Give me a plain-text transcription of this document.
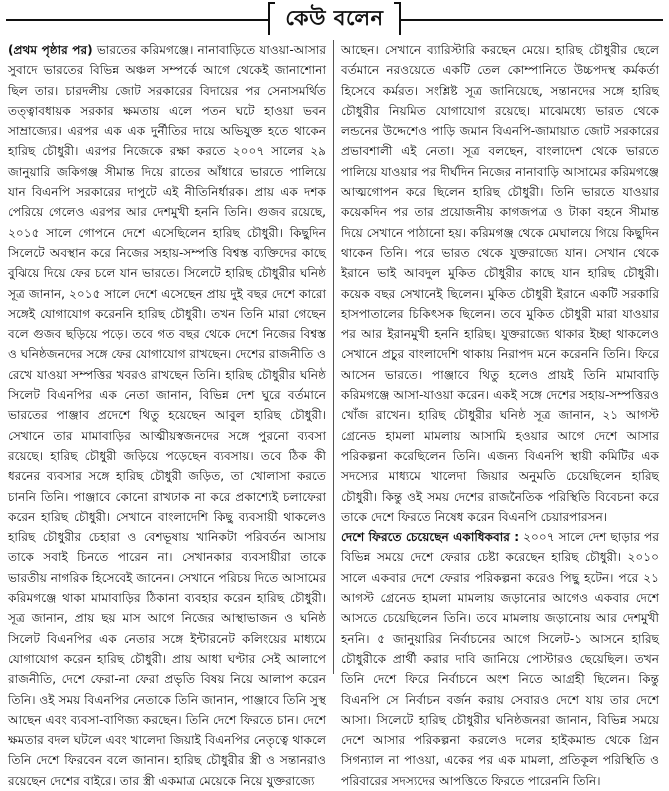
কেউ বলেন

(প্রথম পৃষ্ঠার পর) ভারতের করিমগঞ্জে। নানাবাড়িতে যাওয়া-আসার সুবাদে ভারতের বিভিন্ন অঞ্চল সম্পর্কে আগে থেকেই জানাশোনা ছিল তার। চারদলীয় জোট সরকারের বিদায়ের পর সেনাসমর্থিত তত্ত্বাবধায়ক সরকার ক্ষমতায় এলে পতন ঘটে হাওয়া ভবন সাম্রাজ্যের। এরপর এক এক দুর্নীতির দায়ে অভিযুক্ত হতে থাকেন হারিছ চৌধুরী। এরপর নিজেকে রক্ষা করতে ২০০৭ সালের ২৯ জানুয়ারি জকিগঞ্জ সীমান্ত দিয়ে রাতের আঁধারে ভারতে পালিয়ে যান বিএনপি সরকারের দাপুটে এই নীতিনির্ধারক। প্রায় এক দশক পেরিয়ে গেলেও এরপর আর দেশমুখী হননি তিনি। গুজব রয়েছে, ২০১৫ সালে গোপনে দেশে এসেছিলেন হারিছ চৌধুরী। কিছুদিন সিলেটে অবস্থান করে নিজের সহায়-সম্পত্তি বিশ্বস্ত ব্যক্তিদের কাছে বুঝিয়ে দিয়ে ফের চলে যান ভারতে। সিলেটে হারিছ চৌধুরীর ঘনিষ্ঠ সূত্র জানান, ২০১৫ সালে দেশে এসেছেন প্রায় দুই বছর দেশে কারো সঙ্গেই যোগাযোগ করেননি হারিছ চৌধুরী। তখন তিনি মারা গেছেন বলে গুজব ছড়িয়ে পড়ে। তবে গত বছর থেকে দেশে নিজের বিশ্বস্ত ও ঘনিষ্ঠজনদের সঙ্গে ফের যোগাযোগ রাখছেন। দেশের রাজনীতি ও রেখে যাওয়া সম্পত্তির খবরও রাখছেন তিনি। হারিছ চৌধুরীর ঘনিষ্ঠ সিলেট বিএনপির এক নেতা জানান, বিভিন্ন দেশ ঘুরে বর্তমানে ভারতের পাঞ্জাব প্রদেশে থিতু হয়েছেন আবুল হারিছ চৌধুরী। সেখানে তার মামাবাড়ির আত্মীয়স্বজনদের সঙ্গে পুরনো ব্যবসা রয়েছে। হারিছ চৌধুরী জড়িয়ে পড়েছেন ব্যবসায়। তবে ঠিক কী ধরনের ব্যবসার সঙ্গে হারিছ চৌধুরী জড়িত, তা খোলাসা করতে চাননি তিনি। পাঞ্জাবে কোনো রাখঢাক না করে প্রকাশ্যেই চলাফেরা করেন হারিছ চৌধুরী। সেখানে বাংলাদেশি কিছু ব্যবসায়ী থাকলেও হারিছ চৌধুরীর চেহারা ও বেশভূষায় খানিকটা পরিবর্তন আসায় তাকে সবাই চিনতে পারেন না। সেখানকার ব্যবসায়ীরা তাকে ভারতীয় নাগরিক হিসেবেই জানেন। সেখানে পরিচয় দিতে আসামের করিমগঞ্জে থাকা মামাবাড়ির ঠিকানা ব্যবহার করেন হারিছ চৌধুরী। সূত্র জানান, প্রায় ছয় মাস আগে নিজের আস্থাভাজন ও ঘনিষ্ঠ সিলেট বিএনপির এক নেতার সঙ্গে ইন্টারনেট কলিংয়ের মাধ্যমে যোগাযোগ করেন হারিছ চৌধুরী। প্রায় আধা ঘণ্টার সেই আলাপে রাজনীতি, দেশে ফেরা-না ফেরা প্রভৃতি বিষয় নিয়ে আলাপ করেন তিনি। ওই সময় বিএনপির নেতাকে তিনি জানান, পাঞ্জাবে তিনি সুস্থ আছেন এবং ব্যবসা-বাণিজ্য করছেন। তিনি দেশে ফিরতে চান। দেশে ক্ষমতার বদল ঘটলে এবং খালেদা জিয়াই বিএনপির নেতৃত্বে থাকলে তিনি দেশে ফিরবেন বলে জানান। হারিছ চৌধুরীর স্ত্রী ও সন্তানরাও রয়েছেন দেশের বাইরে। তার স্ত্রী একমাত্র মেয়েকে নিয়ে যুক্তরাজ্যে

আছেন। সেখানে ব্যারিস্টারি করছেন মেয়ে। হারিছ চৌধুরীর ছেলে বর্তমানে নরওয়েতে একটি তেল কোম্পানিতে উচ্চপদস্থ কর্মকর্তা হিসেবে কর্মরত। সংশ্লিষ্ট সূত্র জানিয়েছে, সন্তানদের সঙ্গে হারিছ চৌধুরীর নিয়মিত যোগাযোগ রয়েছে। মাঝেমধ্যে ভারত থেকে লন্ডনের উদ্দেশেও পাড়ি জমান বিএনপি-জামায়াত জোট সরকারের প্রভাবশালী এই নেতা। সূত্র বলছেন, বাংলাদেশ থেকে ভারতে পালিয়ে যাওয়ার পর দীর্ঘদিন নিজের নানাবাড়ি আসামের করিমগঞ্জে আত্মগোপন করে ছিলেন হারিছ চৌধুরী। তিনি ভারতে যাওয়ার কয়েকদিন পর তার প্রয়োজনীয় কাগজপত্র ও টাকা বহনে সীমান্ত দিয়ে সেখানে পাঠানো হয়। করিমগঞ্জ থেকে মেঘালয়ে গিয়ে কিছুদিন থাকেন তিনি। পরে ভারত থেকে যুক্তরাজ্যে যান। সেখান থেকে ইরানে ভাই আবদুল মুকিত চৌধুরীর কাছে যান হারিছ চৌধুরী। কয়েক বছর সেখানেই ছিলেন। মুকিত চৌধুরী ইরানে একটি সরকারি হাসপাতালের চিকিৎসক ছিলেন। তবে মুকিত চৌধুরী মারা যাওয়ার পর আর ইরানমুখী হননি হারিছ। যুক্তরাজ্যে থাকার ইচ্ছা থাকলেও সেখানে প্রচুর বাংলাদেশি থাকায় নিরাপদ মনে করেননি তিনি। ফিরে আসেন ভারতে। পাঞ্জাবে থিতু হলেও প্রায়ই তিনি মামাবাড়ি করিমগঞ্জে আসা-যাওয়া করেন। একই সঙ্গে দেশের সহায়-সম্পত্তিরও খোঁজ রাখেন। হারিছ চৌধুরীর ঘনিষ্ঠ সূত্র জানান, ২১ আগস্ট গ্রেনেড হামলা মামলায় আসামি হওয়ার আগে দেশে আসার পরিকল্পনা করেছিলেন তিনি। এজন্য বিএনপি স্থায়ী কমিটির এক সদস্যের মাধ্যমে খালেদা জিয়ার অনুমতি চেয়েছিলেন হারিছ চৌধুরী। কিন্তু ওই সময় দেশের রাজনৈতিক পরিস্থিতি বিবেচনা করে তাকে দেশে ফিরতে নিষেধ করেন বিএনপি চেয়ারপারসন।

দেশে ফিরতে চেয়েছেন একাধিকবার : ২০০৭ সালে দেশ ছাড়ার পর বিভিন্ন সময়ে দেশে ফেরার চেষ্টা করেছেন হারিছ চৌধুরী। ২০১০ সালে একবার দেশে ফেরার পরিকল্পনা করেও পিছু হটেন। পরে ২১ আগস্ট গ্রেনেড হামলা মামলায় জড়ানোর আগেও একবার দেশে আসতে চেয়েছিলেন তিনি। তবে মামলায় জড়ানোয় আর দেশমুখী হননি। ৫ জানুয়ারির নির্বাচনের আগে সিলেট-১ আসনে হারিছ চৌধুরীকে প্রার্থী করার দাবি জানিয়ে পোস্টারও ছেয়েছিল। তখন তিনি দেশে ফিরে নির্বাচনে অংশ নিতে আগ্রহী ছিলেন। কিন্তু বিএনপি সে নির্বাচন বর্জন করায় সেবারও দেশে যায় তার দেশে আসা। সিলেটে হারিছ চৌধুরীর ঘনিষ্ঠজনরা জানান, বিভিন্ন সময়ে দেশে আসার পরিকল্পনা করলেও দলের হাইকমান্ড থেকে গ্রিন সিগন্যাল না পাওয়া, একের পর এক মামলা, প্রতিকূল পরিস্থিতি ও পরিবারের সদস্যদের আপত্তিতে ফিরতে পারেননি তিনি।
